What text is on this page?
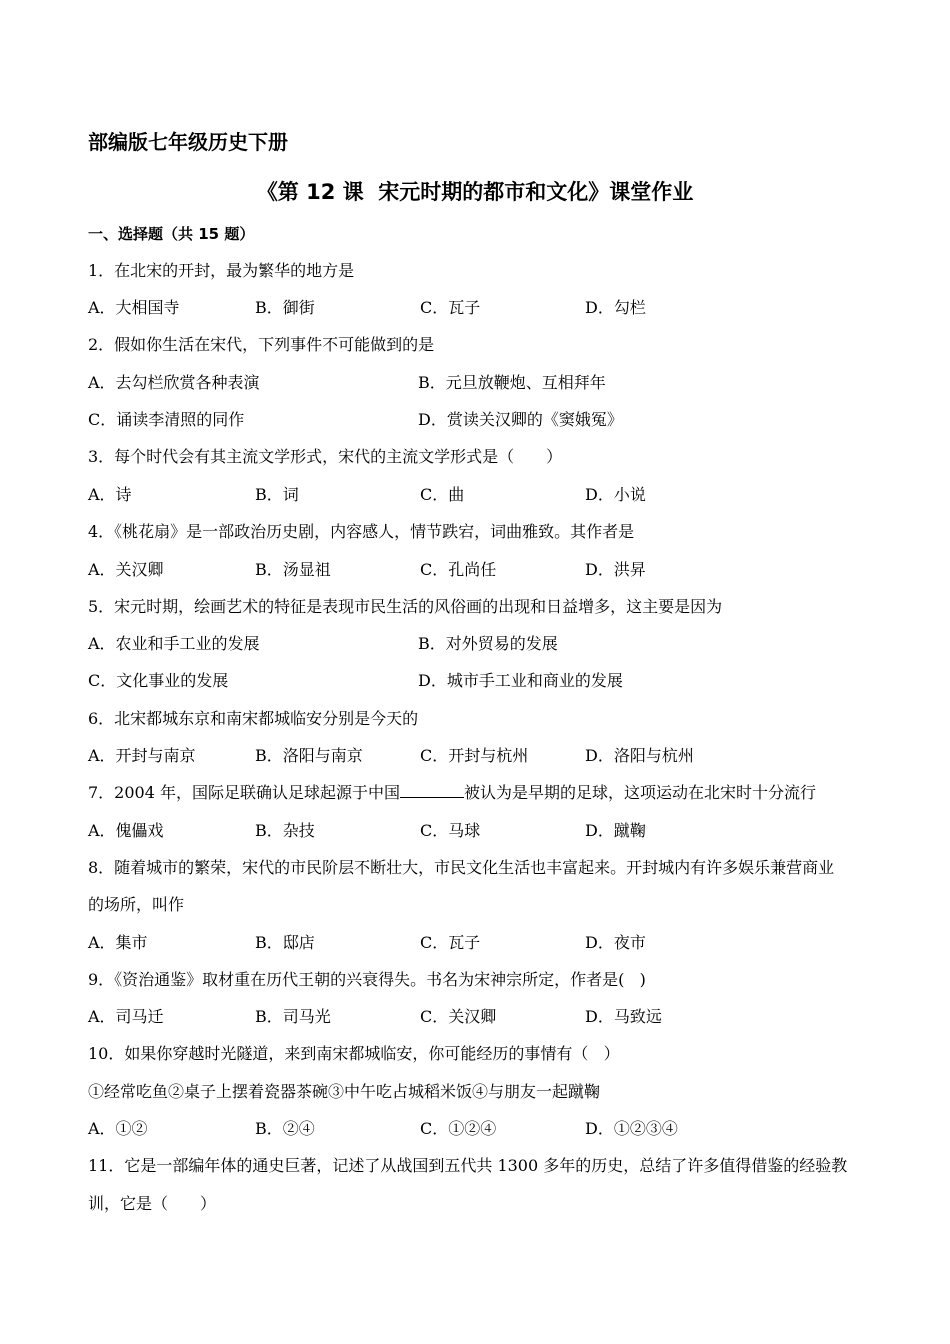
部编版七年级历史下册
《第 12 课  宋元时期的都市和文化》课堂作业
一、选择题（共 15 题）
1．在北宋的开封，最为繁华的地方是
A．大相国寺	B．御街	C．瓦子	D．勾栏
2．假如你生活在宋代，下列事件不可能做到的是
A．去勾栏欣赏各种表演	B．元旦放鞭炮、互相拜年
C．诵读李清照的同作	D．赏读关汉卿的《窦娥冤》
3．每个时代会有其主流文学形式，宋代的主流文学形式是（　　）
A．诗	B．词	C．曲	D．小说
4．《桃花扇》是一部政治历史剧，内容感人，情节跌宕，词曲雅致。其作者是
A．关汉卿	B．汤显祖	C．孔尚任	D．洪昇
5．宋元时期，绘画艺术的特征是表现市民生活的风俗画的出现和日益增多，这主要是因为
A．农业和手工业的发展	B．对外贸易的发展
C．文化事业的发展	D．城市手工业和商业的发展
6．北宋都城东京和南宋都城临安分别是今天的
A．开封与南京	B．洛阳与南京	C．开封与杭州	D．洛阳与杭州
7．2004 年，国际足联确认足球起源于中国	被认为是早期的足球，这项运动在北宋时十分流行
A．傀儡戏	B．杂技	C．马球	D．蹴鞠
8．随着城市的繁荣，宋代的市民阶层不断壮大，市民文化生活也丰富起来。开封城内有许多娱乐兼营商业
的场所，叫作
A．集市	B．邸店	C．瓦子	D．夜市
9．《资治通鉴》取材重在历代王朝的兴衰得失。书名为宋神宗所定，作者是(   )
A．司马迁	B．司马光	C．关汉卿	D．马致远
10．如果你穿越时光隧道，来到南宋都城临安，你可能经历的事情有（   ）
①经常吃鱼②桌子上摆着瓷器茶碗③中午吃占城稻米饭④与朋友一起蹴鞠
A．①②	B．②④	C．①②④	D．①②③④
11．它是一部编年体的通史巨著，记述了从战国到五代共 1300 多年的历史，总结了许多值得借鉴的经验教
训，它是（　　）
